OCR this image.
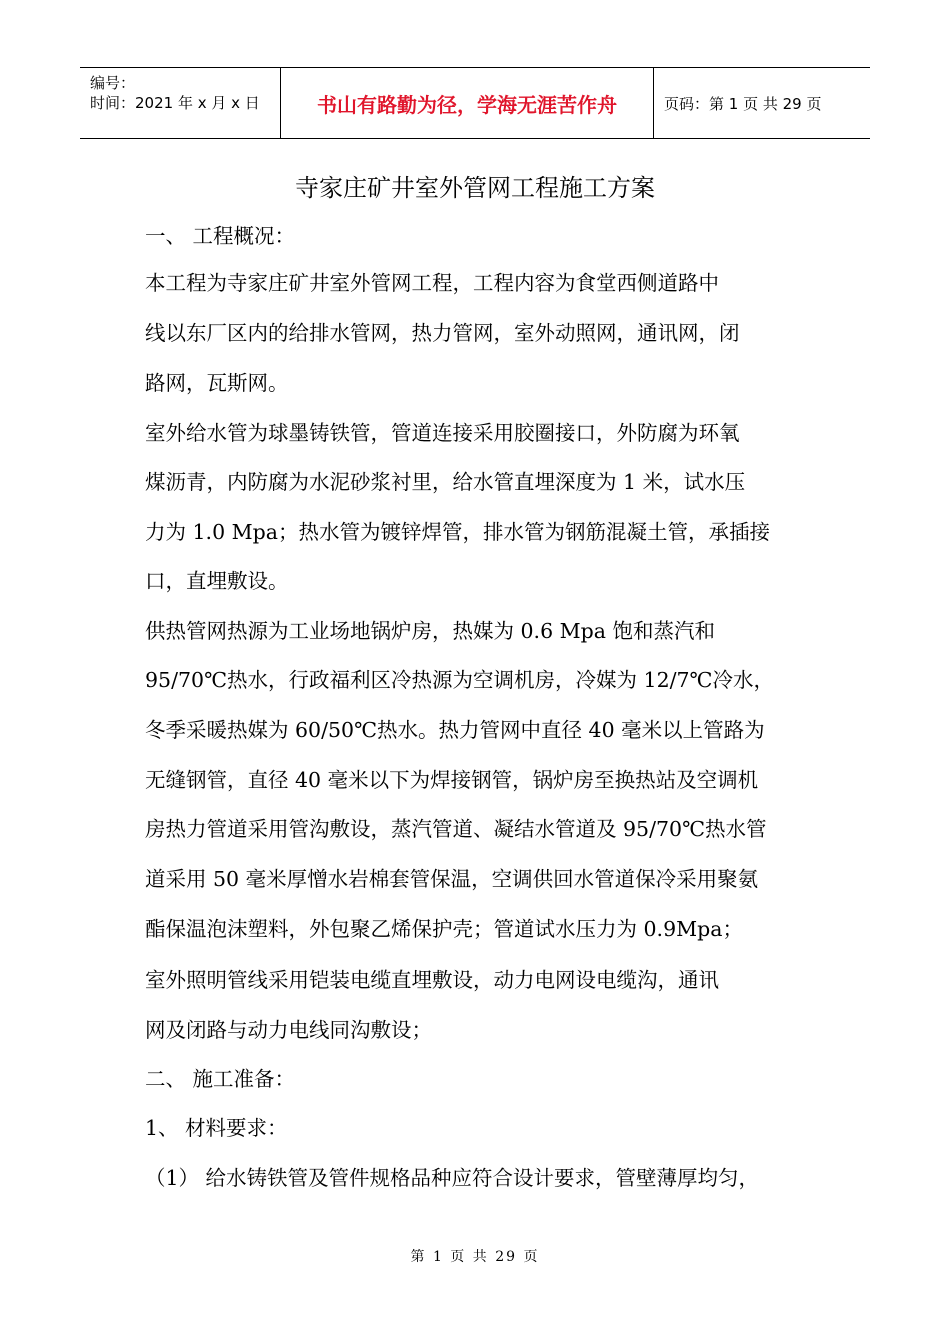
编号：
时间：2021 年 x 月 x 日	书山有路勤为径，学海无涯苦作舟	页码：第 1 页 共 29 页
寺家庄矿井室外管网工程施工方案
一、 工程概况：
本工程为寺家庄矿井室外管网工程，工程内容为食堂西侧道路中
线以东厂区内的给排水管网，热力管网，室外动照网，通讯网，闭
路网，瓦斯网。
室外给水管为球墨铸铁管，管道连接采用胶圈接口，外防腐为环氧
煤沥青，内防腐为水泥砂浆衬里，给水管直埋深度为 1 米，试水压
力为 1.0 Mpa；热水管为镀锌焊管，排水管为钢筋混凝土管，承插接
口，直埋敷设。
供热管网热源为工业场地锅炉房，热媒为 0.6 Mpa 饱和蒸汽和
95/70℃热水，行政福利区冷热源为空调机房，冷媒为 12/7℃冷水，
冬季采暖热媒为 60/50℃热水。热力管网中直径 40 毫米以上管路为
无缝钢管，直径 40 毫米以下为焊接钢管，锅炉房至换热站及空调机
房热力管道采用管沟敷设，蒸汽管道、凝结水管道及 95/70℃热水管
道采用 50 毫米厚憎水岩棉套管保温，空调供回水管道保冷采用聚氨
酯保温泡沫塑料，外包聚乙烯保护壳；管道试水压力为 0.9Mpa；
室外照明管线采用铠装电缆直埋敷设，动力电网设电缆沟，通讯
网及闭路与动力电线同沟敷设；
二、 施工准备：
1、 材料要求：
（1） 给水铸铁管及管件规格品种应符合设计要求，管壁薄厚均匀，
第 1 页 共 29 页
